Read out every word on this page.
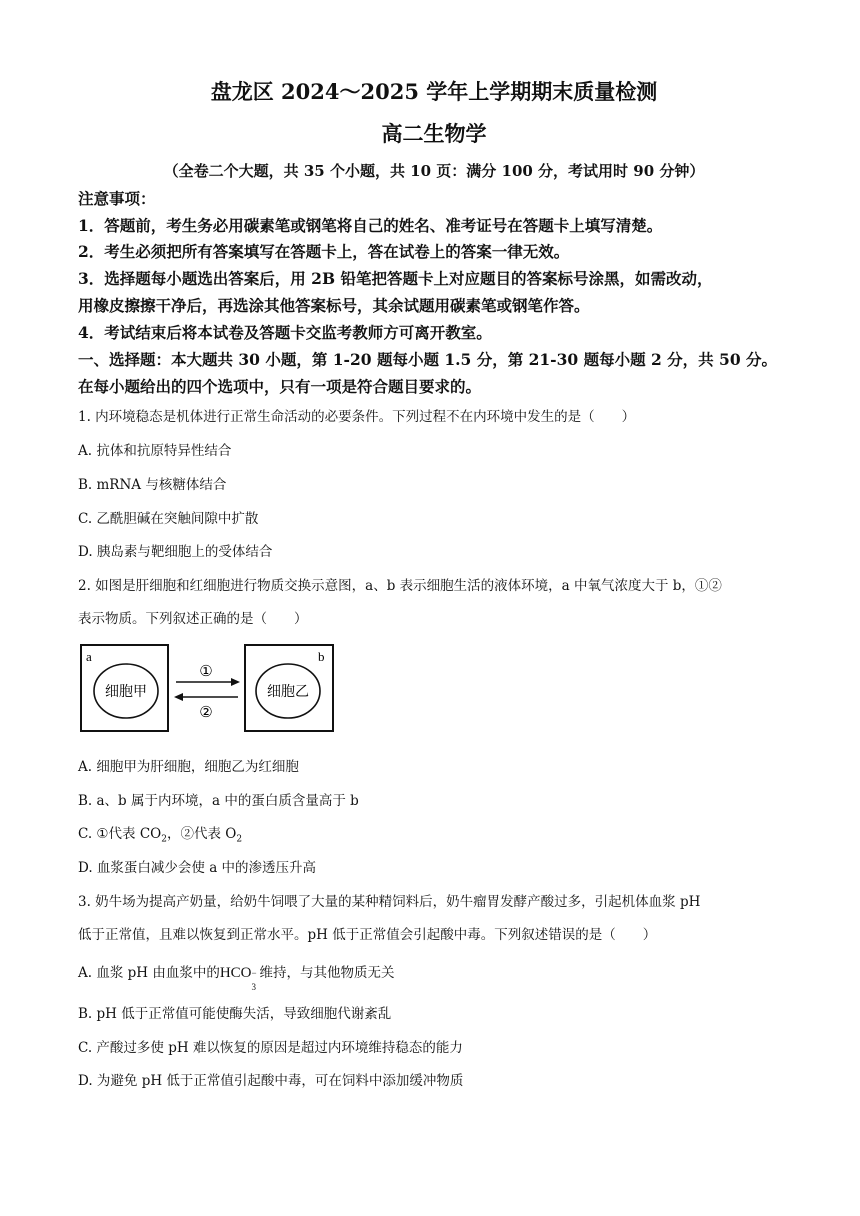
盘龙区 2024～2025 学年上学期期末质量检测
高二生物学
（全卷二个大题，共 35 个小题，共 10 页：满分 100 分，考试用时 90 分钟）
注意事项：
1．答题前，考生务必用碳素笔或钢笔将自己的姓名、准考证号在答题卡上填写清楚。
2．考生必须把所有答案填写在答题卡上，答在试卷上的答案一律无效。
3．选择题每小题选出答案后，用 2B 铅笔把答题卡上对应题目的答案标号涂黑，如需改动，
用橡皮擦擦干净后，再选涂其他答案标号，其余试题用碳素笔或钢笔作答。
4．考试结束后将本试卷及答题卡交监考教师方可离开教室。
一、选择题：本大题共 30 小题，第 1-20 题每小题 1.5 分，第 21-30 题每小题 2 分，共 50 分。
在每小题给出的四个选项中，只有一项是符合题目要求的。
1. 内环境稳态是机体进行正常生命活动的必要条件。下列过程不在内环境中发生的是（　　）
A. 抗体和抗原特异性结合
B. mRNA 与核糖体结合
C. 乙酰胆碱在突触间隙中扩散
D. 胰岛素与靶细胞上的受体结合
2. 如图是肝细胞和红细胞进行物质交换示意图，a、b 表示细胞生活的液体环境，a 中氧气浓度大于 b，①②
表示物质。下列叙述正确的是（　　）
a
细胞甲
b
细胞乙
①
②
A. 细胞甲为肝细胞，细胞乙为红细胞
B. a、b 属于内环境，a 中的蛋白质含量高于 b
C. ①代表 $CO_2$，②代表 $O_2$
D. 血浆蛋白减少会使 a 中的渗透压升高
3. 奶牛场为提高产奶量，给奶牛饲喂了大量的某种精饲料后，奶牛瘤胃发酵产酸过多，引起机体血浆 pH
低于正常值，且难以恢复到正常水平。pH 低于正常值会引起酸中毒。下列叙述错误的是（　　）
A. 血浆 pH 由血浆中的HCO −
3
维持，与其他物质无关
B. pH 低于正常值可能使酶失活，导致细胞代谢紊乱
C. 产酸过多使 pH 难以恢复的原因是超过内环境维持稳态的能力
D. 为避免 pH 低于正常值引起酸中毒，可在饲料中添加缓冲物质
